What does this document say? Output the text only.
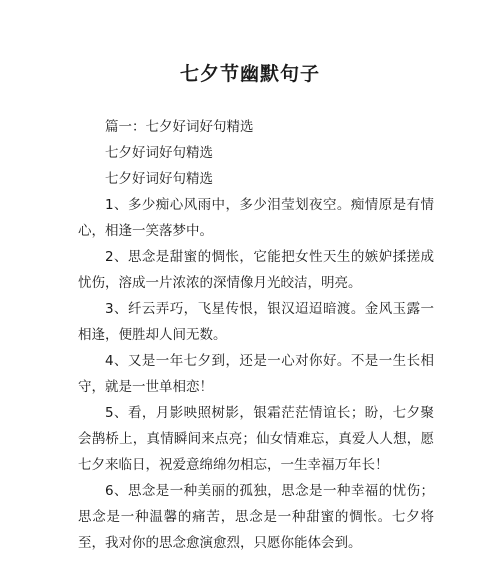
七夕节幽默句子

篇一：七夕好词好句精选

七夕好词好句精选

七夕好词好句精选

1、多少痴心风雨中，多少泪莹划夜空。痴情原是有情心，相逢一笑落梦中。

2、思念是甜蜜的惆怅，它能把女性天生的嫉妒揉搓成忧伤，溶成一片浓浓的深情像月光皎洁，明亮。

3、纤云弄巧，飞星传恨，银汉迢迢暗渡。金风玉露一相逢，便胜却人间无数。

4、又是一年七夕到，还是一心对你好。不是一生长相守，就是一世单相恋！

5、看，月影映照树影，银霜茫茫情谊长；盼，七夕聚会鹊桥上，真情瞬间来点亮；仙女情难忘，真爱人人想，愿七夕来临日，祝爱意绵绵勿相忘，一生幸福万年长！

6、思念是一种美丽的孤独，思念是一种幸福的忧伤；思念是一种温馨的痛苦，思念是一种甜蜜的惆怅。七夕将至，我对你的思念愈演愈烈，只愿你能体会到。
